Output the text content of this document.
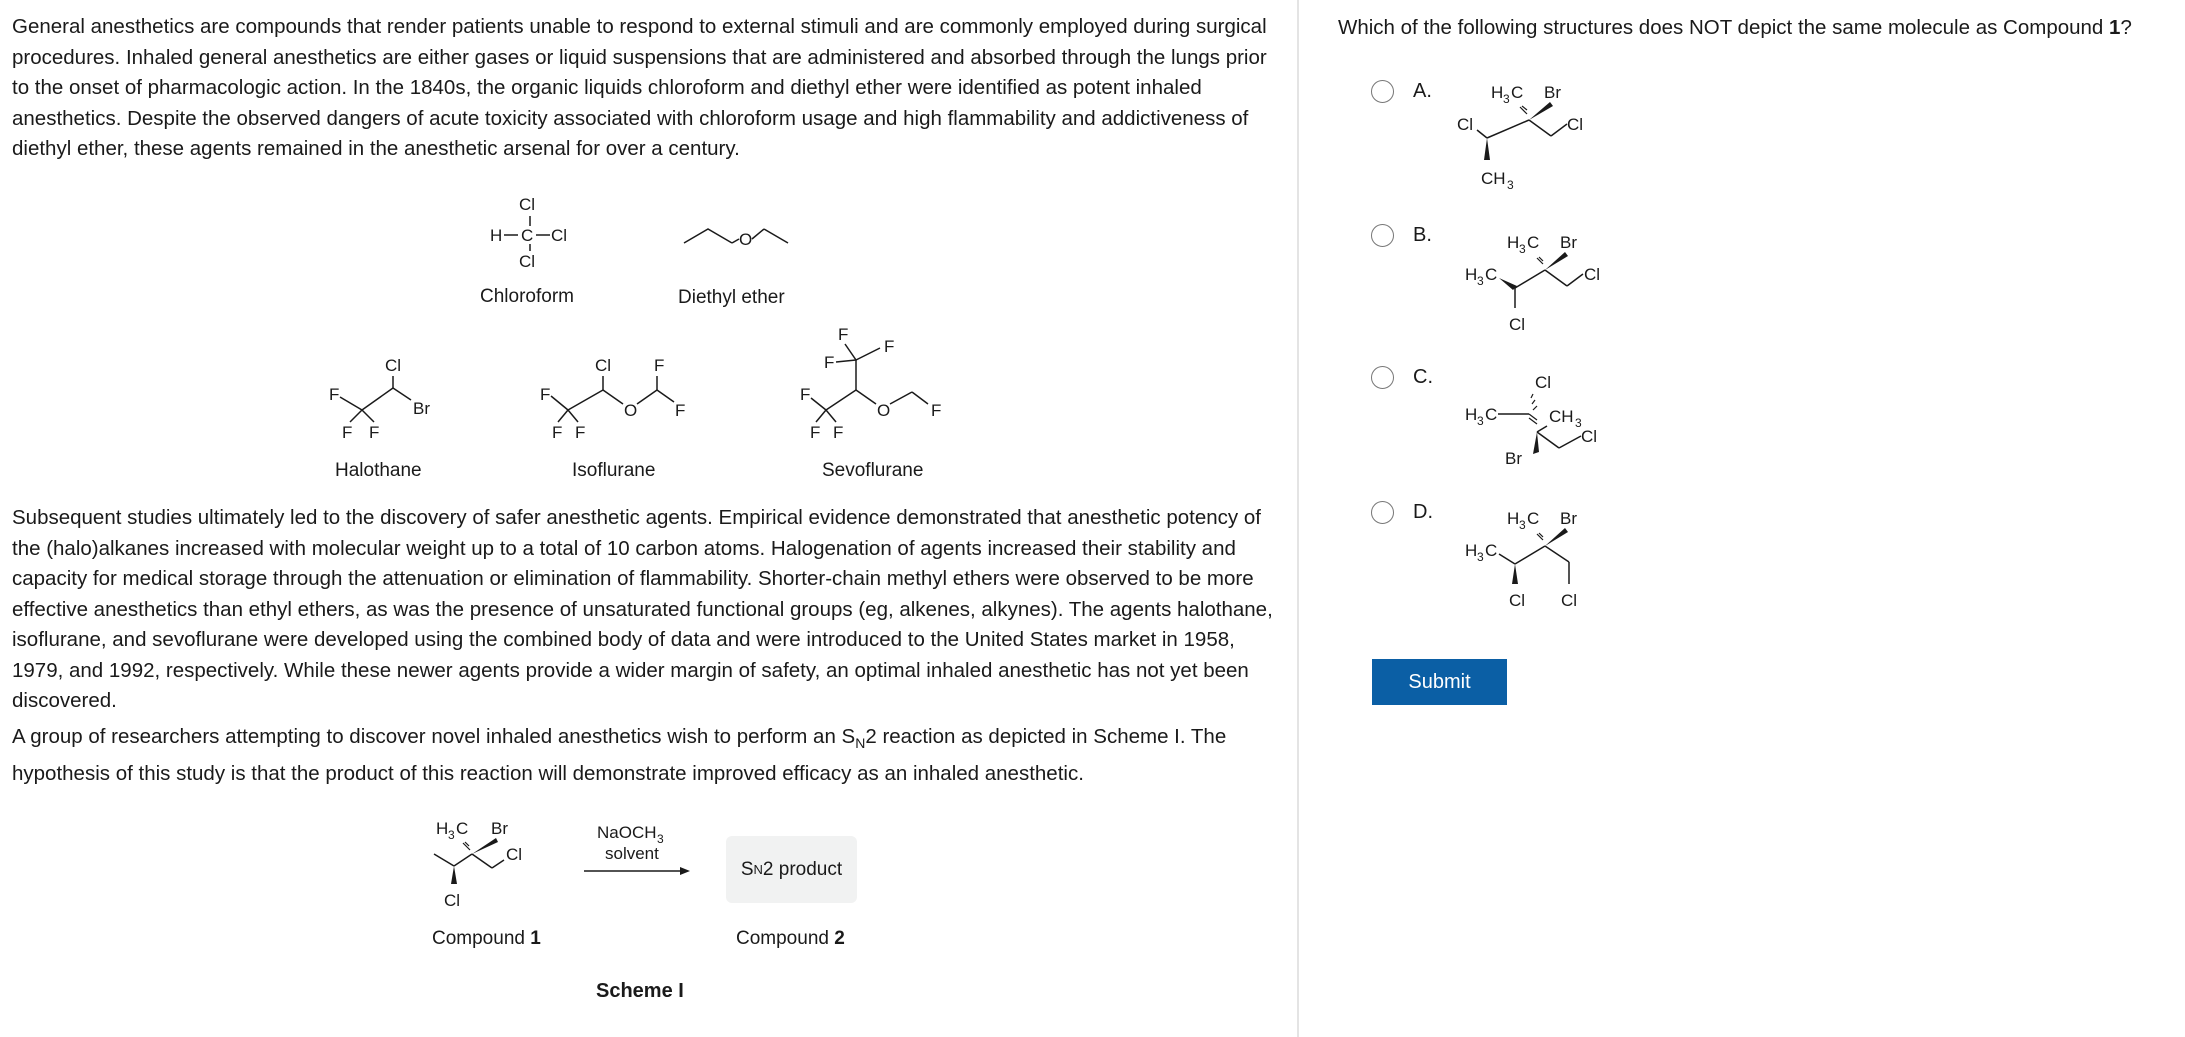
General anesthetics are compounds that render patients unable to respond to external stimuli and are commonly employed during surgical procedures. Inhaled general anesthetics are either gases or liquid suspensions that are administered and absorbed through the lungs prior to the onset of pharmacologic action. In the 1840s, the organic liquids chloroform and diethyl ether were identified as potent inhaled anesthetics. Despite the observed dangers of acute toxicity associated with chloroform usage and high flammability and addictiveness of diethyl ether, these agents remained in the anesthetic arsenal for over a century.

Cl
H C Cl
Cl
Chloroform
O
Diethyl ether
Cl
F
Br
F F
Halothane
Cl	F
F
O F
F F
Isoflurane
F
F
F
O F
F
F F
Sevoflurane

Subsequent studies ultimately led to the discovery of safer anesthetic agents. Empirical evidence demonstrated that anesthetic potency of the (halo)alkanes increased with molecular weight up to a total of 10 carbon atoms. Halogenation of agents increased their stability and capacity for medical storage through the attenuation or elimination of flammability. Shorter-chain methyl ethers were observed to be more effective anesthetics than ethyl ethers, as was the presence of unsaturated functional groups (eg, alkenes, alkynes). The agents halothane, isoflurane, and sevoflurane were developed using the combined body of data and were introduced to the United States market in 1958, 1979, and 1992, respectively. While these newer agents provide a wider margin of safety, an optimal inhaled anesthetic has not yet been discovered.

A group of researchers attempting to discover novel inhaled anesthetics wish to perform an $S_N2$ reaction as depicted in Scheme I. The hypothesis of this study is that the product of this reaction will demonstrate improved efficacy as an inhaled anesthetic.

H 3 C Br
Cl
Cl
Compound 1
NaOCH 3
solvent
S N 2 product
Compound 2
Scheme I
Which of the following structures does NOT depict the same molecule as Compound 1?
A.	H 3 C Br
Cl	Cl
CH 3
B.	H 3 C Br
H 3 C	Cl
Cl
C.	Cl
H 3 C	CH 3
Cl
Br
D.	H 3 C Br
H 3 C
Cl Cl
Submit
